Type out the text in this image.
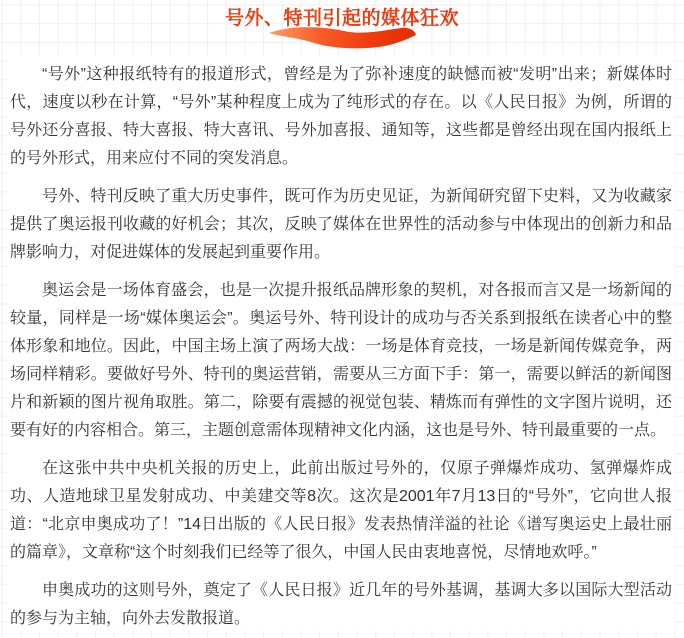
号外、特刊引起的媒体狂欢

“号外”这种报纸特有的报道形式，曾经是为了弥补速度的缺憾而被“发明”出来；新媒体时代，速度以秒在计算，“号外”某种程度上成为了纯形式的存在。以《人民日报》为例，所谓的号外还分喜报、特大喜报、特大喜讯、号外加喜报、通知等，这些都是曾经出现在国内报纸上的号外形式，用来应付不同的突发消息。

号外、特刊反映了重大历史事件，既可作为历史见证，为新闻研究留下史料，又为收藏家提供了奥运报刊收藏的好机会；其次，反映了媒体在世界性的活动参与中体现出的创新力和品牌影响力，对促进媒体的发展起到重要作用。

奥运会是一场体育盛会，也是一次提升报纸品牌形象的契机，对各报而言又是一场新闻的较量，同样是一场“媒体奥运会”。奥运号外、特刊设计的成功与否关系到报纸在读者心中的整体形象和地位。因此，中国主场上演了两场大战：一场是体育竞技，一场是新闻传媒竞争，两场同样精彩。要做好号外、特刊的奥运营销，需要从三方面下手：第一，需要以鲜活的新闻图片和新颖的图片视角取胜。第二，除要有震撼的视觉包装、精炼而有弹性的文字图片说明，还要有好的内容相合。第三，主题创意需体现精神文化内涵，这也是号外、特刊最重要的一点。

在这张中共中央机关报的历史上，此前出版过号外的，仅原子弹爆炸成功、氢弹爆炸成功、人造地球卫星发射成功、中美建交等8次。这次是2001年7月13日的“号外”，它向世人报道：“北京申奥成功了！”14日出版的《人民日报》发表热情洋溢的社论《谱写奥运史上最壮丽的篇章》，文章称“这个时刻我们已经等了很久，中国人民由衷地喜悦，尽情地欢呼。”

申奥成功的这则号外，奠定了《人民日报》近几年的号外基调，基调大多以国际大型活动的参与为主轴，向外去发散报道。
